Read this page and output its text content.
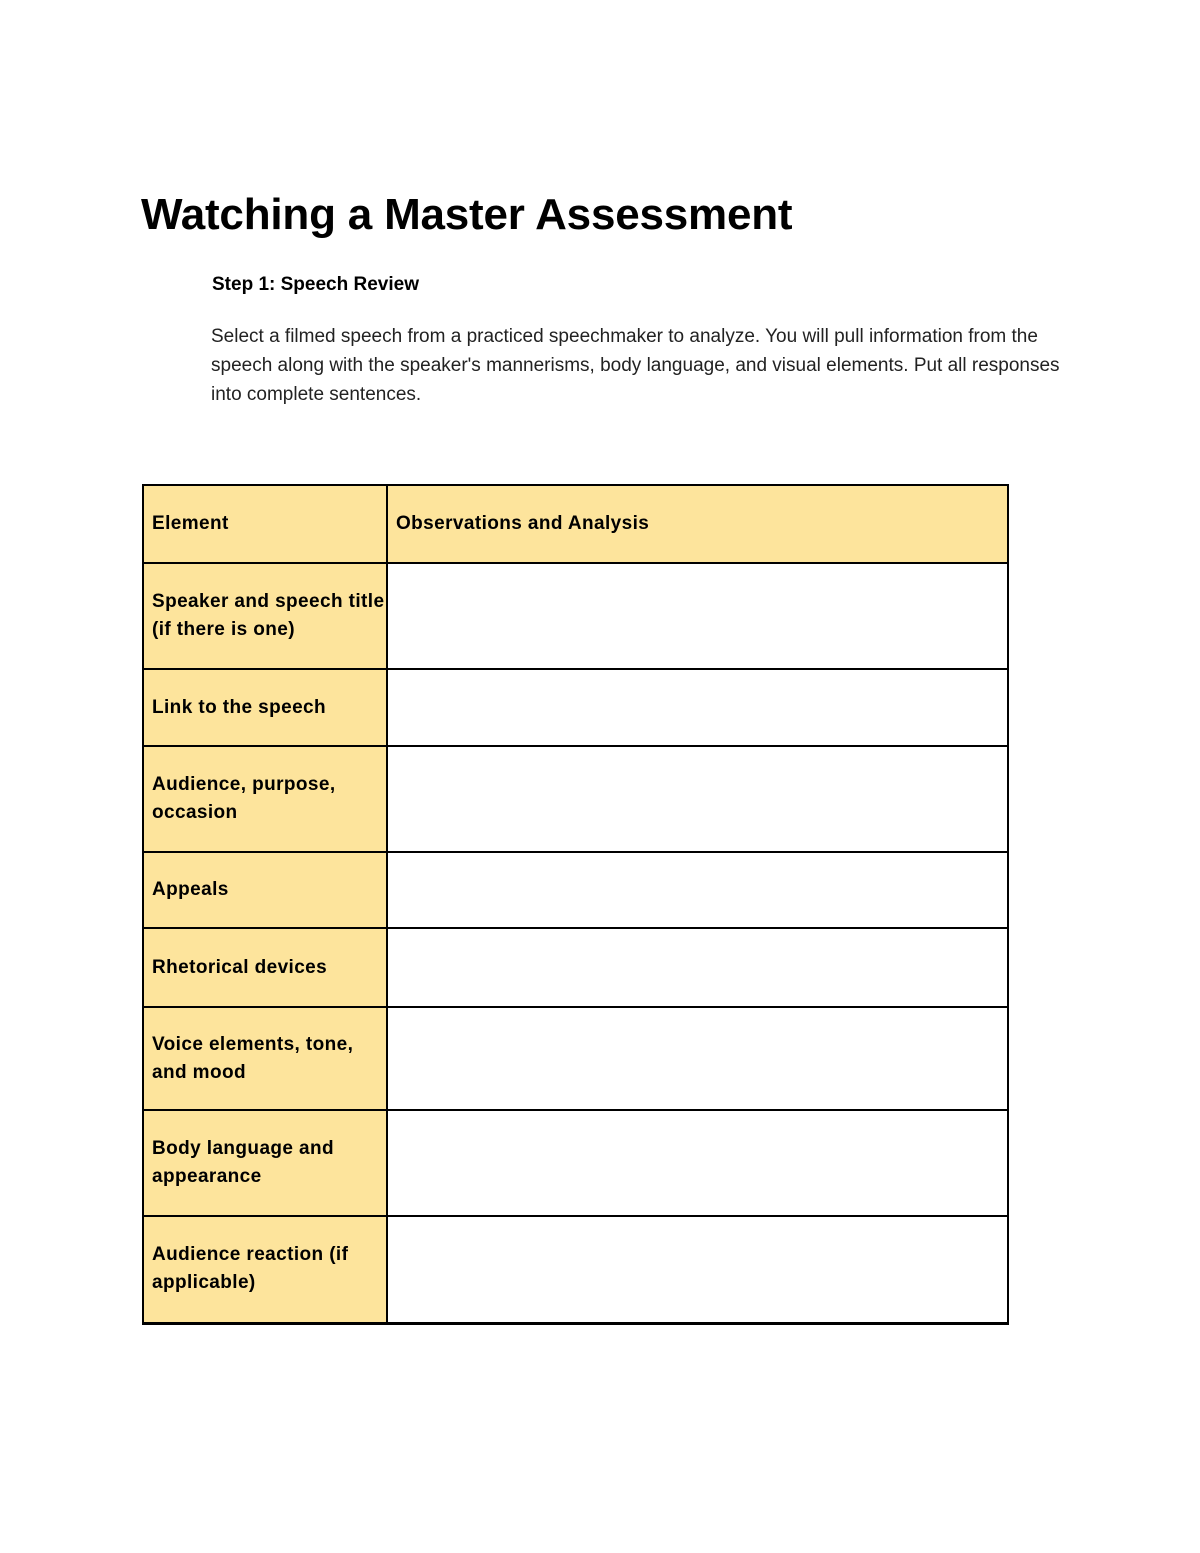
Watching a Master Assessment
Step 1: Speech Review

Select a filmed speech from a practiced speechmaker to analyze. You will pull information from the speech along with the speaker's mannerisms, body language, and visual elements. Put all responses into complete sentences.

Element	Observations and Analysis
Speaker and speech title (if there is one)	
Link to the speech	
Audience, purpose, occasion	
Appeals	
Rhetorical devices	
Voice elements, tone, and mood	
Body language and appearance	
Audience reaction (if applicable)	
